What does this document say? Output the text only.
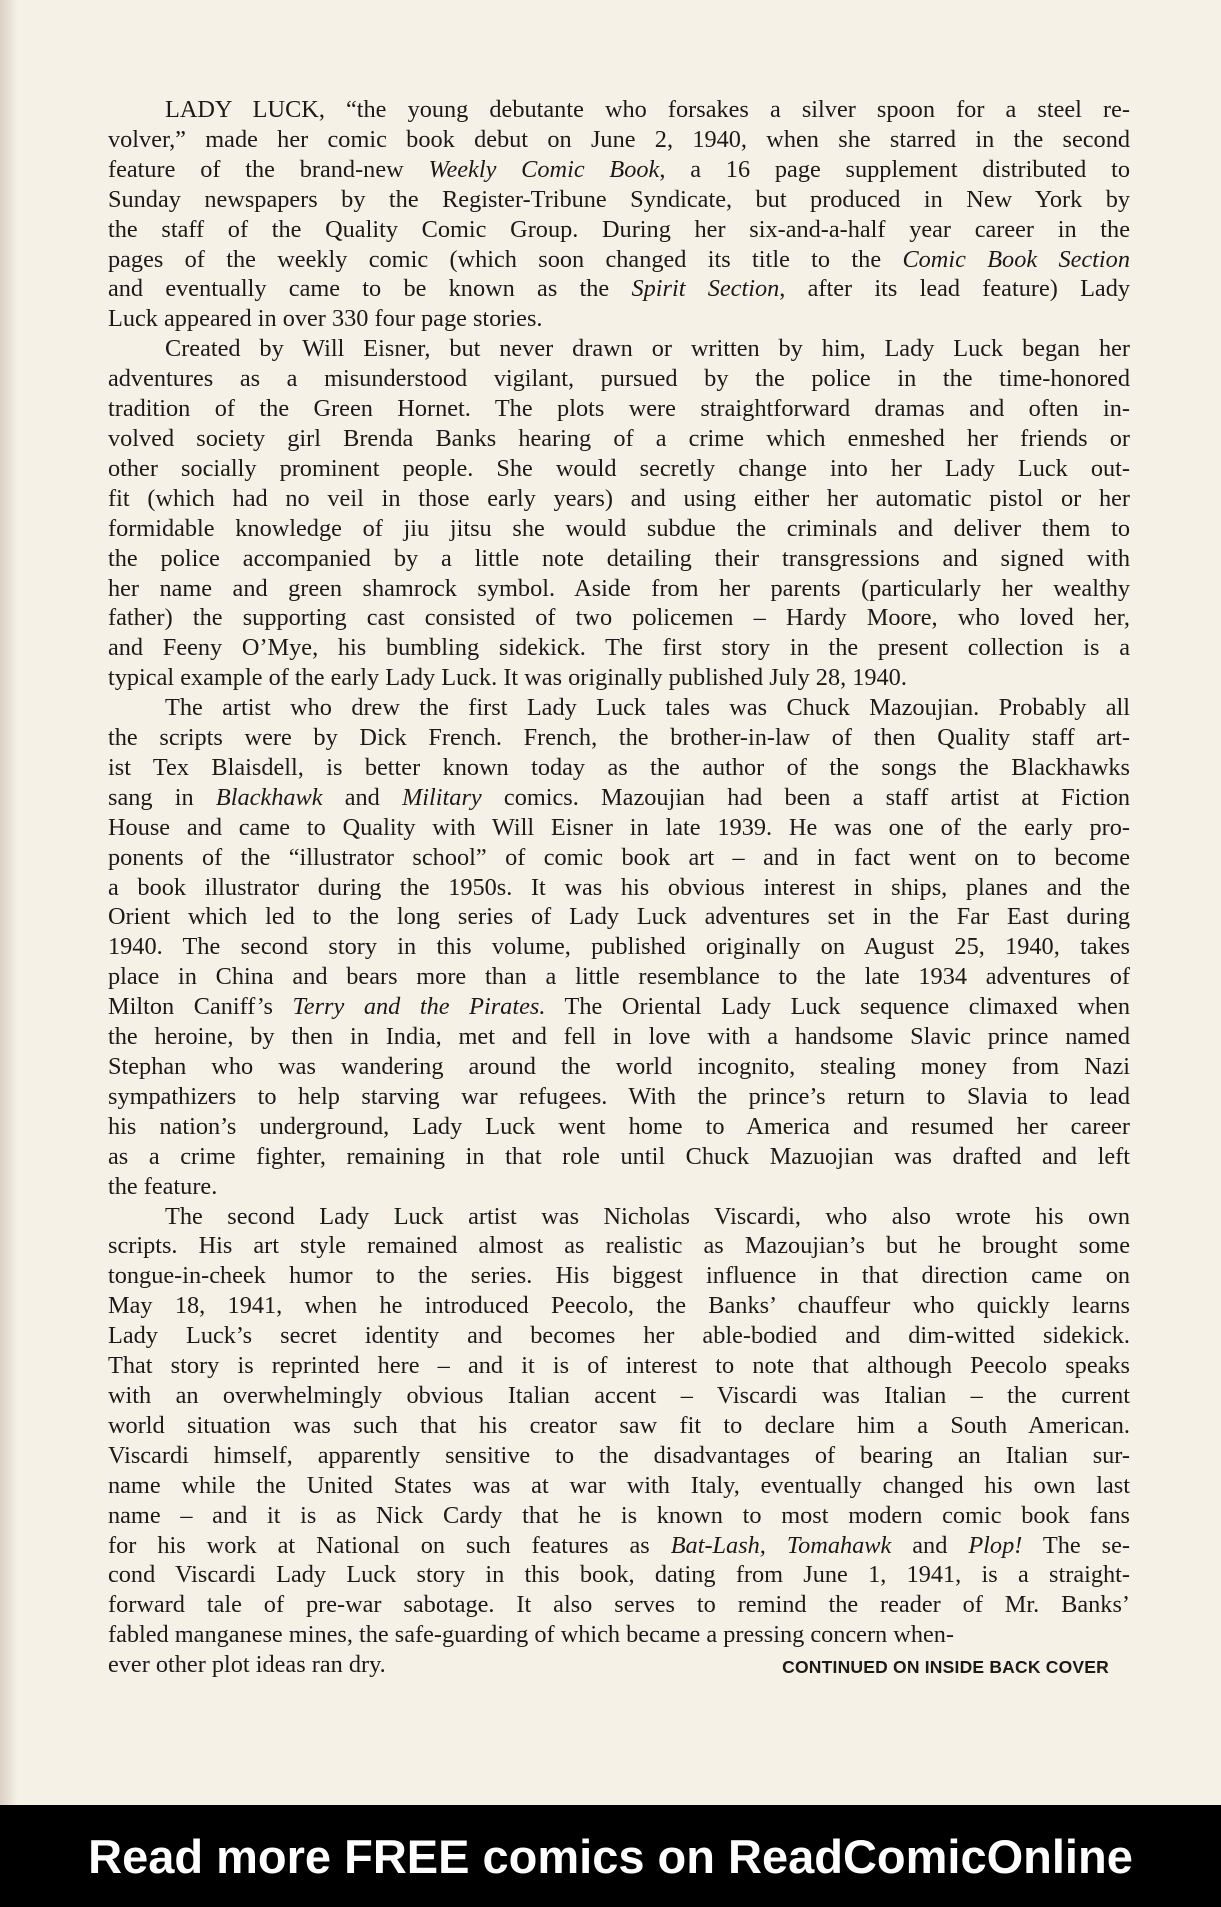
LADY LUCK, “the young debutante who forsakes a silver spoon for a steel re-
volver,” made her comic book debut on June 2, 1940, when she starred in the second
feature of the brand-new Weekly Comic Book, a 16 page supplement distributed to
Sunday newspapers by the Register-Tribune Syndicate, but produced in New York by
the staff of the Quality Comic Group. During her six-and-a-half year career in the
pages of the weekly comic (which soon changed its title to the Comic Book Section
and eventually came to be known as the Spirit Section, after its lead feature) Lady
Luck appeared in over 330 four page stories.
Created by Will Eisner, but never drawn or written by him, Lady Luck began her
adventures as a misunderstood vigilant, pursued by the police in the time-honored
tradition of the Green Hornet. The plots were straightforward dramas and often in-
volved society girl Brenda Banks hearing of a crime which enmeshed her friends or
other socially prominent people. She would secretly change into her Lady Luck out-
fit (which had no veil in those early years) and using either her automatic pistol or her
formidable knowledge of jiu jitsu she would subdue the criminals and deliver them to
the police accompanied by a little note detailing their transgressions and signed with
her name and green shamrock symbol. Aside from her parents (particularly her wealthy
father) the supporting cast consisted of two policemen – Hardy Moore, who loved her,
and Feeny O’Mye, his bumbling sidekick. The first story in the present collection is a
typical example of the early Lady Luck. It was originally published July 28, 1940.
The artist who drew the first Lady Luck tales was Chuck Mazoujian. Probably all
the scripts were by Dick French. French, the brother-in-law of then Quality staff art-
ist Tex Blaisdell, is better known today as the author of the songs the Blackhawks
sang in Blackhawk and Military comics. Mazoujian had been a staff artist at Fiction
House and came to Quality with Will Eisner in late 1939. He was one of the early pro-
ponents of the “illustrator school” of comic book art – and in fact went on to become
a book illustrator during the 1950s. It was his obvious interest in ships, planes and the
Orient which led to the long series of Lady Luck adventures set in the Far East during
1940. The second story in this volume, published originally on August 25, 1940, takes
place in China and bears more than a little resemblance to the late 1934 adventures of
Milton Caniff’s Terry and the Pirates. The Oriental Lady Luck sequence climaxed when
the heroine, by then in India, met and fell in love with a handsome Slavic prince named
Stephan who was wandering around the world incognito, stealing money from Nazi
sympathizers to help starving war refugees. With the prince’s return to Slavia to lead
his nation’s underground, Lady Luck went home to America and resumed her career
as a crime fighter, remaining in that role until Chuck Mazuojian was drafted and left
the feature.
The second Lady Luck artist was Nicholas Viscardi, who also wrote his own
scripts. His art style remained almost as realistic as Mazoujian’s but he brought some
tongue-in-cheek humor to the series. His biggest influence in that direction came on
May 18, 1941, when he introduced Peecolo, the Banks’ chauffeur who quickly learns
Lady Luck’s secret identity and becomes her able-bodied and dim-witted sidekick.
That story is reprinted here – and it is of interest to note that although Peecolo speaks
with an overwhelmingly obvious Italian accent – Viscardi was Italian – the current
world situation was such that his creator saw fit to declare him a South American.
Viscardi himself, apparently sensitive to the disadvantages of bearing an Italian sur-
name while the United States was at war with Italy, eventually changed his own last
name – and it is as Nick Cardy that he is known to most modern comic book fans
for his work at National on such features as Bat-Lash, Tomahawk and Plop! The se-
cond Viscardi Lady Luck story in this book, dating from June 1, 1941, is a straight-
forward tale of pre-war sabotage. It also serves to remind the reader of Mr. Banks’
fabled manganese mines, the safe-guarding of which became a pressing concern when-
ever other plot ideas ran dry.	CONTINUED ON INSIDE BACK COVER
Read more FREE comics on ReadComicOnline
